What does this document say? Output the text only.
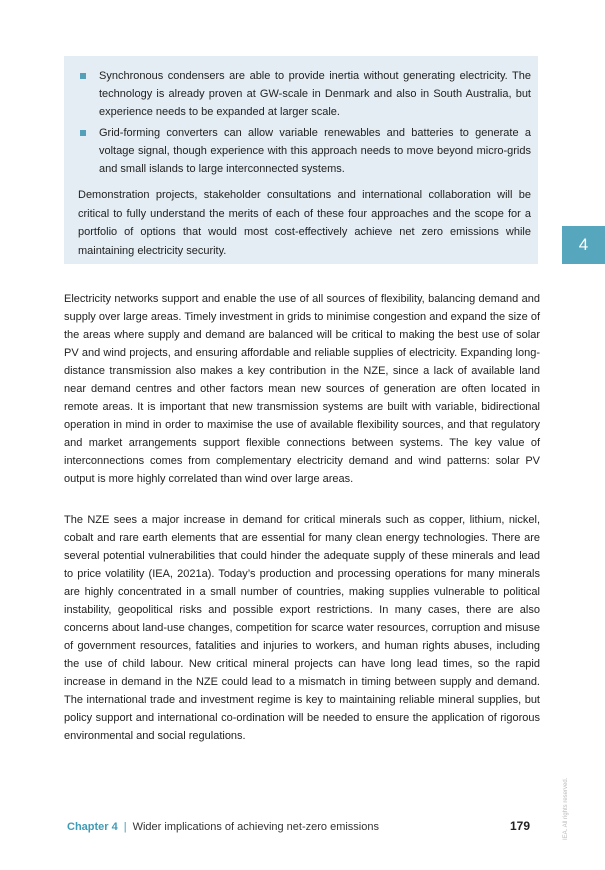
Synchronous condensers are able to provide inertia without generating electricity. The technology is already proven at GW-scale in Denmark and also in South Australia, but experience needs to be expanded at larger scale.
Grid-forming converters can allow variable renewables and batteries to generate a voltage signal, though experience with this approach needs to move beyond micro-grids and small islands to large interconnected systems.
Demonstration projects, stakeholder consultations and international collaboration will be critical to fully understand the merits of each of these four approaches and the scope for a portfolio of options that would most cost-effectively achieve net zero emissions while maintaining electricity security.	4
Electricity networks support and enable the use of all sources of flexibility, balancing demand and supply over large areas. Timely investment in grids to minimise congestion and expand the size of the areas where supply and demand are balanced will be critical to making the best use of solar PV and wind projects, and ensuring affordable and reliable supplies of electricity. Expanding long-distance transmission also makes a key contribution in the NZE, since a lack of available land near demand centres and other factors mean new sources of generation are often located in remote areas. It is important that new transmission systems are built with variable, bidirectional operation in mind in order to maximise the use of available flexibility sources, and that regulatory and market arrangements support flexible connections between systems. The key value of interconnections comes from complementary electricity demand and wind patterns: solar PV output is more highly correlated than wind over large areas.
The NZE sees a major increase in demand for critical minerals such as copper, lithium, nickel, cobalt and rare earth elements that are essential for many clean energy technologies. There are several potential vulnerabilities that could hinder the adequate supply of these minerals and lead to price volatility (IEA, 2021a). Today’s production and processing operations for many minerals are highly concentrated in a small number of countries, making supplies vulnerable to political instability, geopolitical risks and possible export restrictions. In many cases, there are also concerns about land-use changes, competition for scarce water resources, corruption and misuse of government resources, fatalities and injuries to workers, and human rights abuses, including the use of child labour. New critical mineral projects can have long lead times, so the rapid increase in demand in the NZE could lead to a mismatch in timing between supply and demand. The international trade and investment regime is key to maintaining reliable mineral supplies, but policy support and international co-ordination will be needed to ensure the application of rigorous environmental and social regulations.
Chapter 4 | Wider implications of achieving net-zero emissions	179	IEA. All rights reserved.
